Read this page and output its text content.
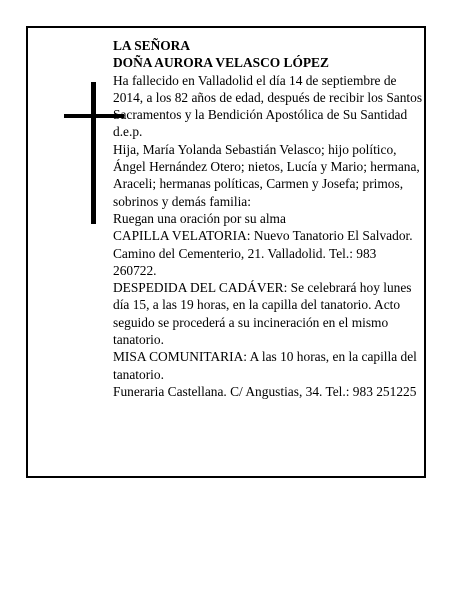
LA SEÑORA

DOÑA AURORA VELASCO LÓPEZ

Ha fallecido en Valladolid el día 14 de septiembre de 2014, a los 82 años de edad, después de recibir los Santos Sacramentos y la Bendición Apostólica de Su Santidad

d.e.p.

Hija, María Yolanda Sebastián Velasco; hijo político, Ángel Hernández Otero; nietos, Lucía y Mario; hermana, Araceli; hermanas políticas, Carmen y Josefa; primos, sobrinos y demás familia:

Ruegan una oración por su alma

CAPILLA VELATORIA: Nuevo Tanatorio El Salvador. Camino del Cementerio, 21. Valladolid. Tel.: 983 260722.

DESPEDIDA DEL CADÁVER: Se celebrará hoy lunes día 15, a las 19 horas, en la capilla del tanatorio. Acto seguido se procederá a su incineración en el mismo tanatorio.

MISA COMUNITARIA: A las 10 horas, en la capilla del tanatorio.

Funeraria Castellana. C/ Angustias, 34. Tel.: 983 251225
